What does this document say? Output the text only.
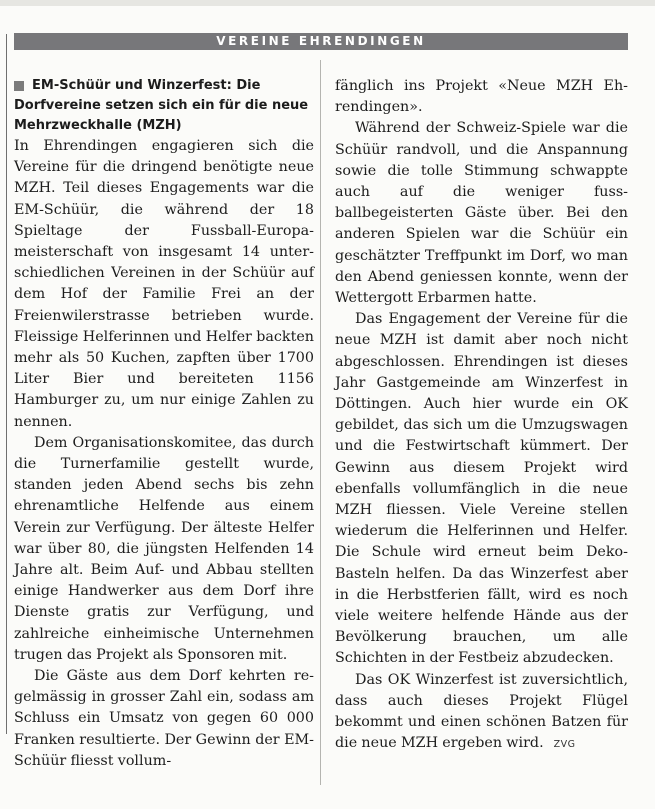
VEREINE EHRENDINGEN
EM-Schüür und Winzerfest: Die Dorfvereine setzen sich ein für die neue Mehrzweckhalle (MZH)

In Ehrendingen engagieren sich die Vereine für die dringend benötigte neue MZH. Teil dieses Engagements war die EM-Schüür, die während der 18 Spieltage der Fussball-Europameisterschaft von insgesamt 14 unterschiedlichen Vereinen in der Schüür auf dem Hof der Familie Frei an der Freienwilerstrasse betrieben wurde. Fleissige Helferinnen und Helfer backten mehr als 50 Kuchen, zapften über 1700 Liter Bier und bereiteten 1156 Hamburger zu, um nur einige Zahlen zu nennen.

Dem Organisationskomitee, das durch die Turnerfamilie gestellt wurde, standen jeden Abend sechs bis zehn ehrenamtliche Helfende aus einem Verein zur Verfügung. Der älteste Helfer war über 80, die jüngsten Helfenden 14 Jahre alt. Beim Auf- und Abbau stellten einige Handwerker aus dem Dorf ihre Dienste gratis zur Verfügung, und zahlreiche einheimische Unternehmen trugen das Projekt als Sponsoren mit.

Die Gäste aus dem Dorf kehrten regelmässig in grosser Zahl ein, sodass am Schluss ein Umsatz von gegen 60 000 Franken resultierte. Der Gewinn der EM-Schüür fliesst vollum-

fänglich ins Projekt «Neue MZH Ehrendingen».

Während der Schweiz-Spiele war die Schüür randvoll, und die Anspannung sowie die tolle Stimmung schwappte auch auf die weniger fussballbegeisterten Gäste über. Bei den anderen Spielen war die Schüür ein geschätzter Treffpunkt im Dorf, wo man den Abend geniessen konnte, wenn der Wettergott Erbarmen hatte.

Das Engagement der Vereine für die neue MZH ist damit aber noch nicht abgeschlossen. Ehrendingen ist dieses Jahr Gastgemeinde am Winzerfest in Döttingen. Auch hier wurde ein OK gebildet, das sich um die Umzugswagen und die Festwirtschaft kümmert. Der Gewinn aus diesem Projekt wird ebenfalls vollumfänglich in die neue MZH fliessen. Viele Vereine stellen wiederum die Helferinnen und Helfer. Die Schule wird erneut beim Deko-Basteln helfen. Da das Winzerfest aber in die Herbstferien fällt, wird es noch viele weitere helfende Hände aus der Bevölkerung brauchen, um alle Schichten in der Festbeiz abzudecken.

Das OK Winzerfest ist zuversichtlich, dass auch dieses Projekt Flügel bekommt und einen schönen Batzen für die neue MZH ergeben wird. ZVG
